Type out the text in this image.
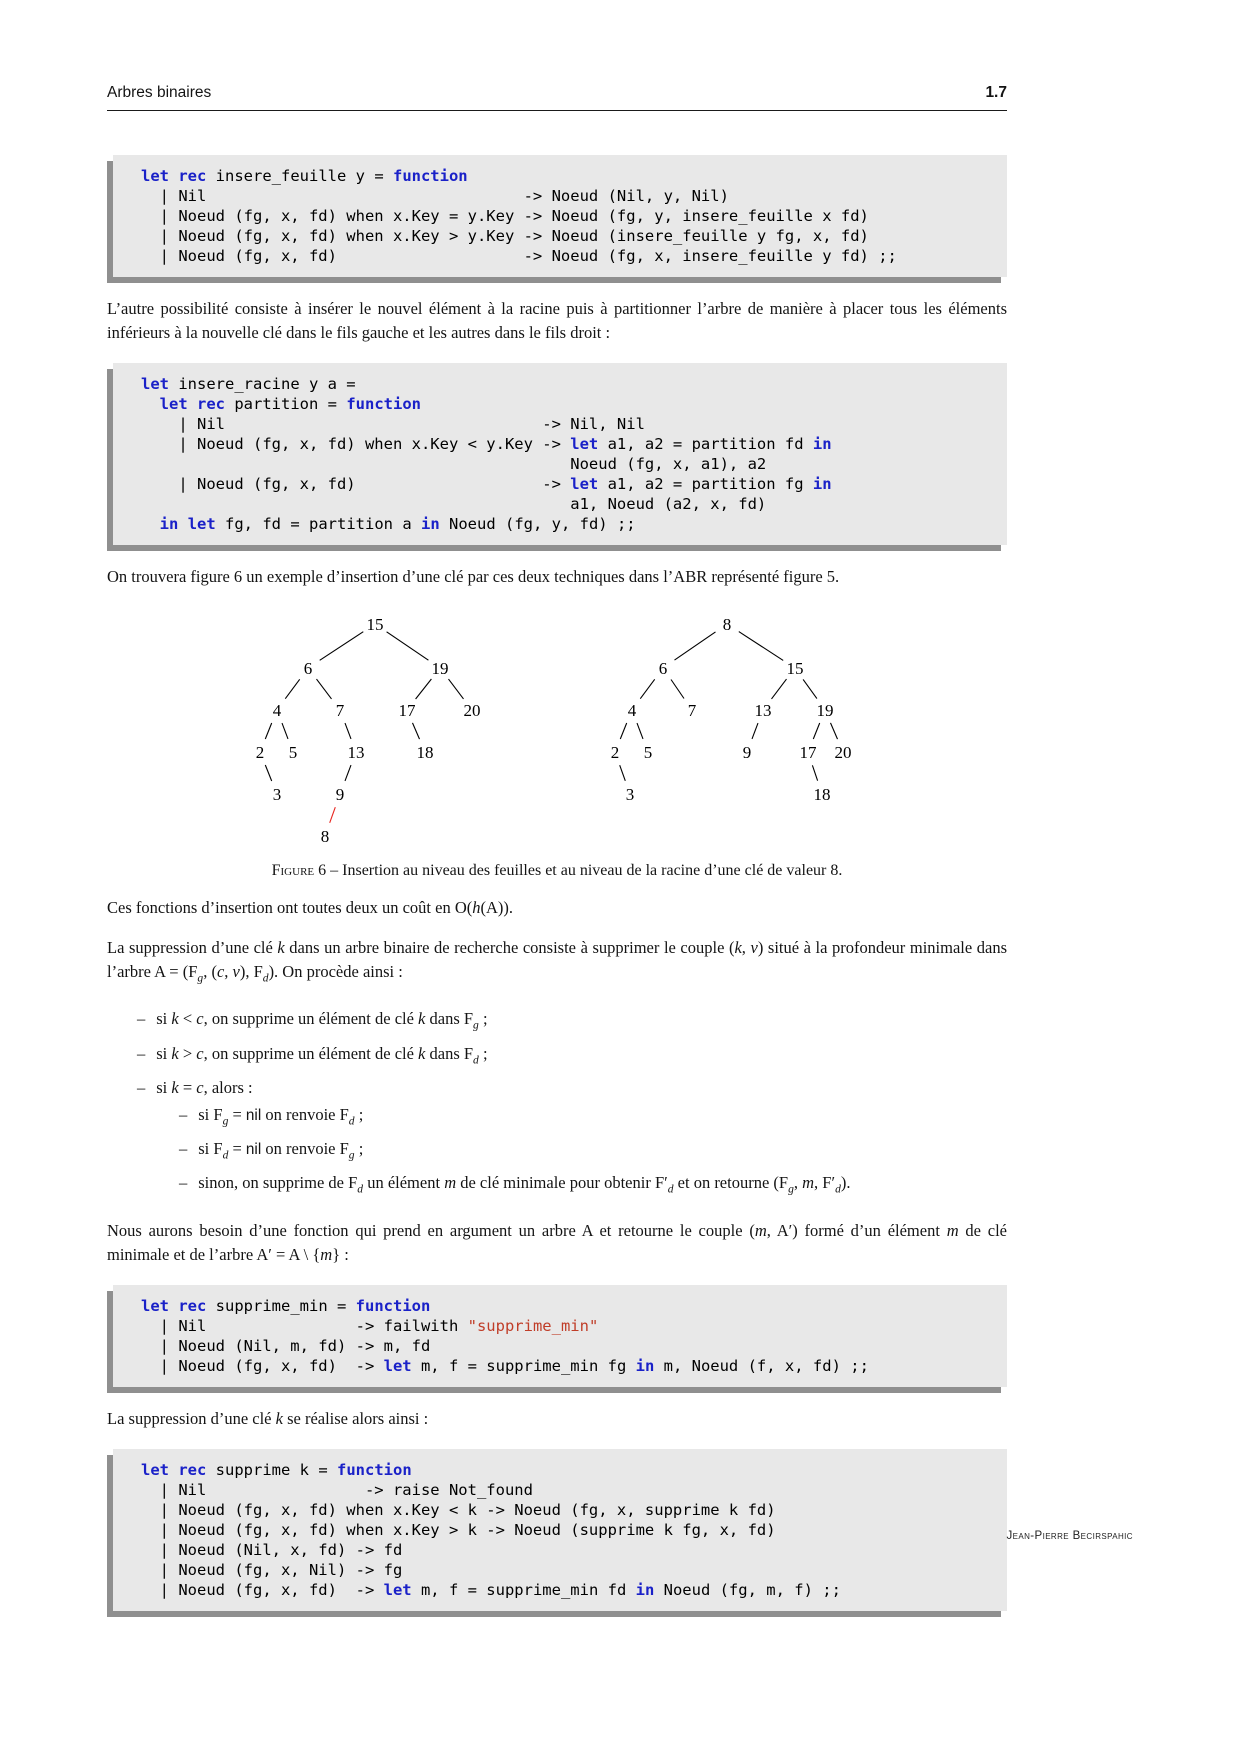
Arbres binaires	1.7
let rec insere_feuille y = function
| Nil                                  -> Noeud (Nil, y, Nil)
| Noeud (fg, x, fd) when x.Key = y.Key -> Noeud (fg, y, insere_feuille x fd)
| Noeud (fg, x, fd) when x.Key > y.Key -> Noeud (insere_feuille y fg, x, fd)
| Noeud (fg, x, fd)                    -> Noeud (fg, x, insere_feuille y fd) ;;

L’autre possibilité consiste à insérer le nouvel élément à la racine puis à partitionner l’arbre de manière à placer tous les éléments inférieurs à la nouvelle clé dans le fils gauche et les autres dans le fils droit :

let insere_racine y a =
let rec partition = function
| Nil                                  -> Nil, Nil
| Noeud (fg, x, fd) when x.Key < y.Key -> let a1, a2 = partition fd in
Noeud (fg, x, a1), a2
| Noeud (fg, x, fd)                    -> let a1, a2 = partition fg in
a1, Noeud (a2, x, fd)
in let fg, fd = partition a in Noeud (fg, y, fd) ;;

On trouvera figure 6 un exemple d’insertion d’une clé par ces deux techniques dans l’ABR représenté figure 5.

15
6	19
4	7	17	20
2 5	13	18
3	9
8
8
6	15
4	7	13	19
2 5	9	17 20
3	18
Figure 6 – Insertion au niveau des feuilles et au niveau de la racine d’une clé de valeur 8.

Ces fonctions d’insertion ont toutes deux un coût en O(h(A)).

La suppression d’une clé k dans un arbre binaire de recherche consiste à supprimer le couple (k, v) situé à la profondeur minimale dans l’arbre $A = (F_g$, (c, v), $F_d$). On procède ainsi :

– si k < c, on supprime un élément de clé k dans $F_g$ ;
– si k > c, on supprime un élément de clé k dans $F_d$ ;
– si k = c, alors :
– si $F_g$ = nil on renvoie $F_d$ ;
– si $F_d$ = nil on renvoie $F_g$ ;
– sinon, on supprime de $F_d$ un élément m de clé minimale pour obtenir $F'_d$ et on retourne ($F_g$, m, $F'_d$).

Nous aurons besoin d’une fonction qui prend en argument un arbre A et retourne le couple (m, A′) formé d’un élément m de clé minimale et de l’arbre A′ = A \ {m} :

let rec supprime_min = function
| Nil                -> failwith "supprime_min"
| Noeud (Nil, m, fd) -> m, fd
| Noeud (fg, x, fd)  -> let m, f = supprime_min fg in m, Noeud (f, x, fd) ;;

La suppression d’une clé k se réalise alors ainsi :

let rec supprime k = function
| Nil                 -> raise Not_found
| Noeud (fg, x, fd) when x.Key < k -> Noeud (fg, x, supprime k fd)
| Noeud (fg, x, fd) when x.Key > k -> Noeud (supprime k fg, x, fd)
| Noeud (Nil, x, fd) -> fd
| Noeud (fg, x, Nil) -> fg
| Noeud (fg, x, fd)  -> let m, f = supprime_min fd in Noeud (fg, m, f) ;;
Jean-Pierre Becirspahic
